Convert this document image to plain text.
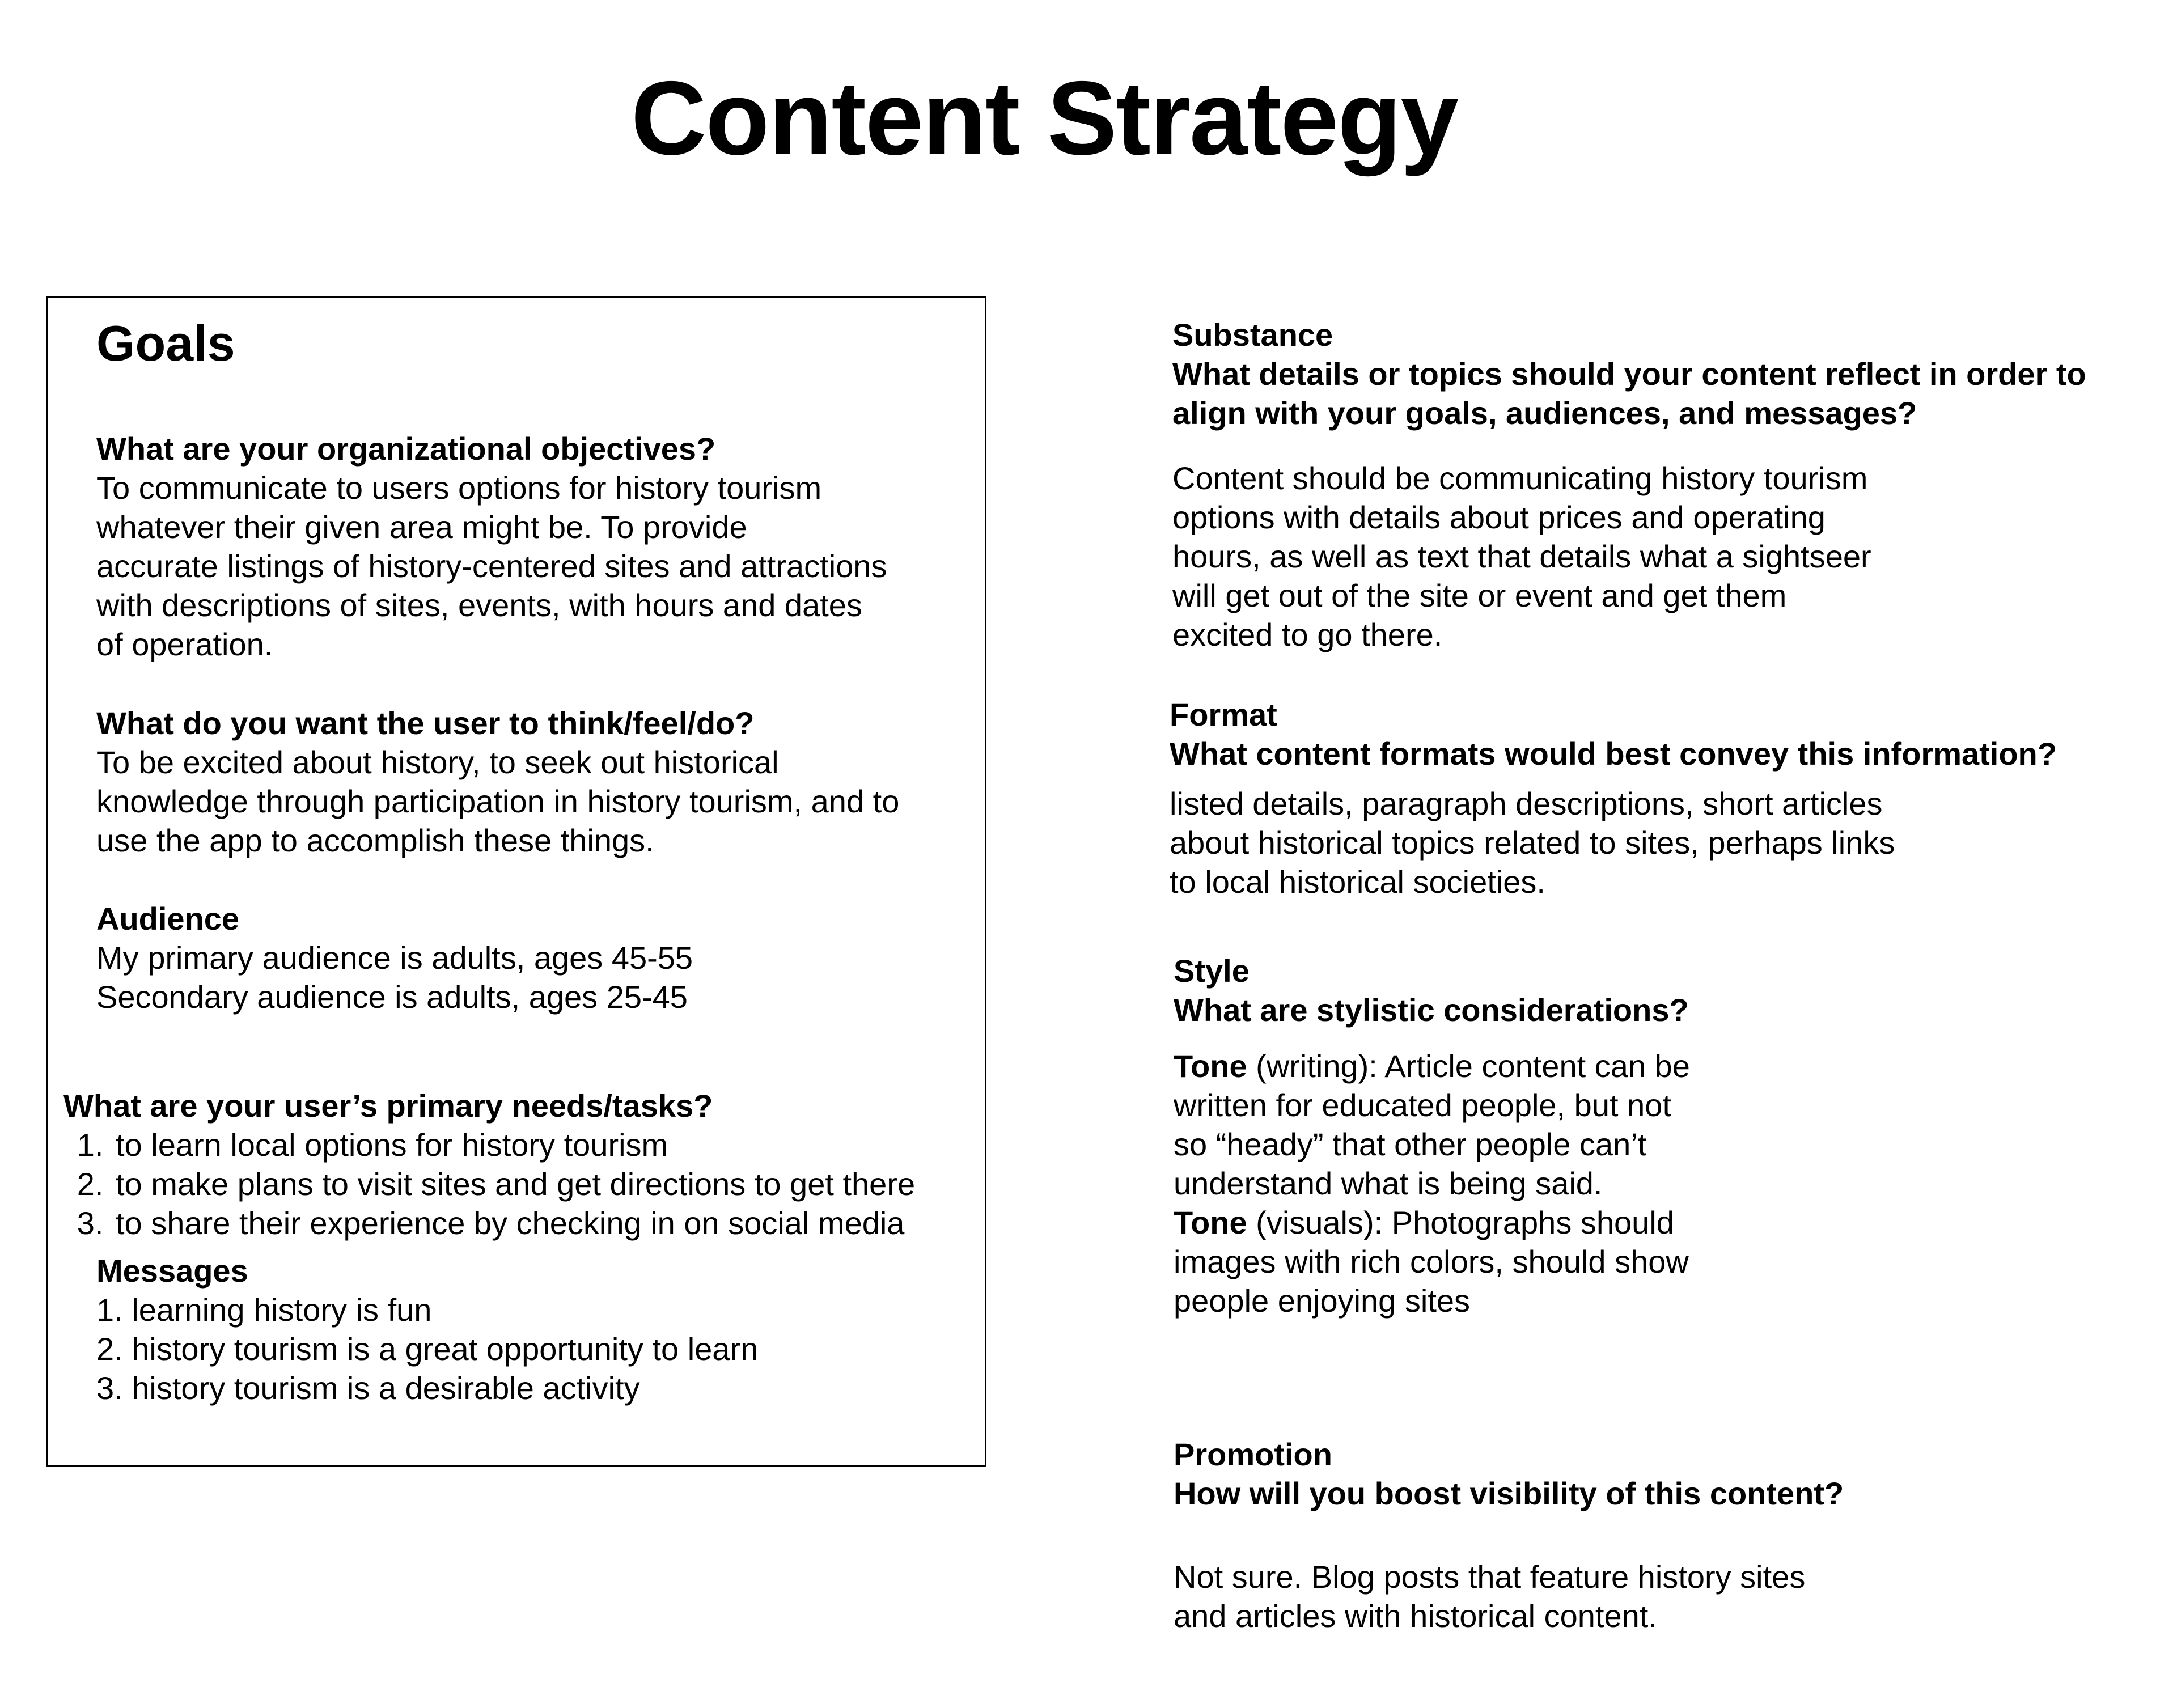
Content Strategy
Goals
What are your organizational objectives?
To communicate to users options for history tourism
whatever their given area might be. To provide
accurate listings of history-centered sites and attractions
with descriptions of sites, events, with hours and dates
of operation.
What do you want the user to think/feel/do?
To be excited about history, to seek out historical
knowledge through participation in history tourism, and to
use the app to accomplish these things.
Audience
My primary audience is adults, ages 45-55
Secondary audience is adults, ages 25-45
What are your user’s primary needs/tasks?
1. to learn local options for history tourism
2. to make plans to visit sites and get directions to get there
3. to share their experience by checking in on social media
Messages
1. learning history is fun
2. history tourism is a great opportunity to learn
3. history tourism is a desirable activity
Substance
What details or topics should your content reflect in order to
align with your goals, audiences, and messages?
Content should be communicating history tourism
options with details about prices and operating
hours, as well as text that details what a sightseer
will get out of the site or event and get them
excited to go there.
Format
What content formats would best convey this information?
listed details, paragraph descriptions, short articles
about historical topics related to sites, perhaps links
to local historical societies.
Style
What are stylistic considerations?
Tone (writing): Article content can be
written for educated people, but not
so “heady” that other people can’t
understand what is being said.
Tone (visuals): Photographs should
images with rich colors, should show
people enjoying sites
Promotion
How will you boost visibility of this content?
Not sure. Blog posts that feature history sites
and articles with historical content.
